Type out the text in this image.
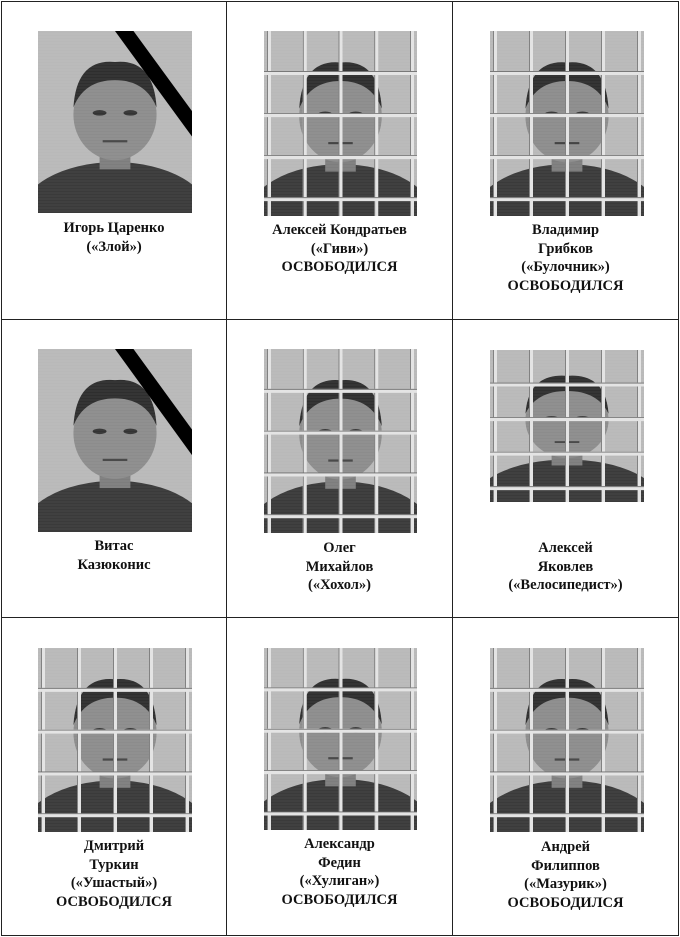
Игорь Царенко
(«Злой»)
Алексей Кондратьев
(«Гиви»)
ОСВОБОДИЛСЯ
Владимир
Грибков
(«Булочник»)
ОСВОБОДИЛСЯ
Витас
Казюконис
Олег
Михайлов
(«Хохол»)
Алексей
Яковлев
(«Велосипедист»)
Дмитрий
Туркин
(«Ушастый»)
ОСВОБОДИЛСЯ
Александр
Федин
(«Хулиган»)
ОСВОБОДИЛСЯ
Андрей
Филиппов
(«Мазурик»)
ОСВОБОДИЛСЯ
